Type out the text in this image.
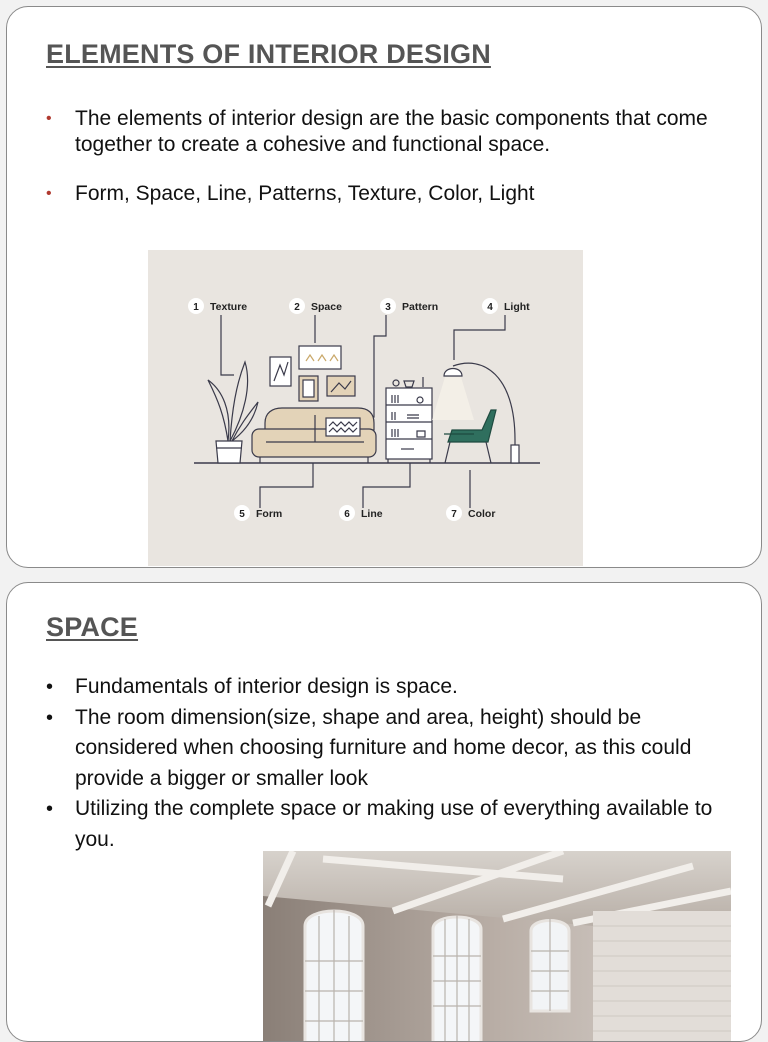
ELEMENTS OF INTERIOR DESIGN
• The elements of interior design are the basic components that come together to create a cohesive and functional space.
• Form, Space, Line, Patterns, Texture, Color, Light
1 Texture	2 Space	3 Pattern	4 Light
5 Form	6 Line	7 Color
SPACE
• Fundamentals of interior design is space.
• The room dimension(size, shape and area, height) should be considered when choosing furniture and home decor, as this could provide a bigger or smaller look
• Utilizing the complete space or making use of everything available to you.
